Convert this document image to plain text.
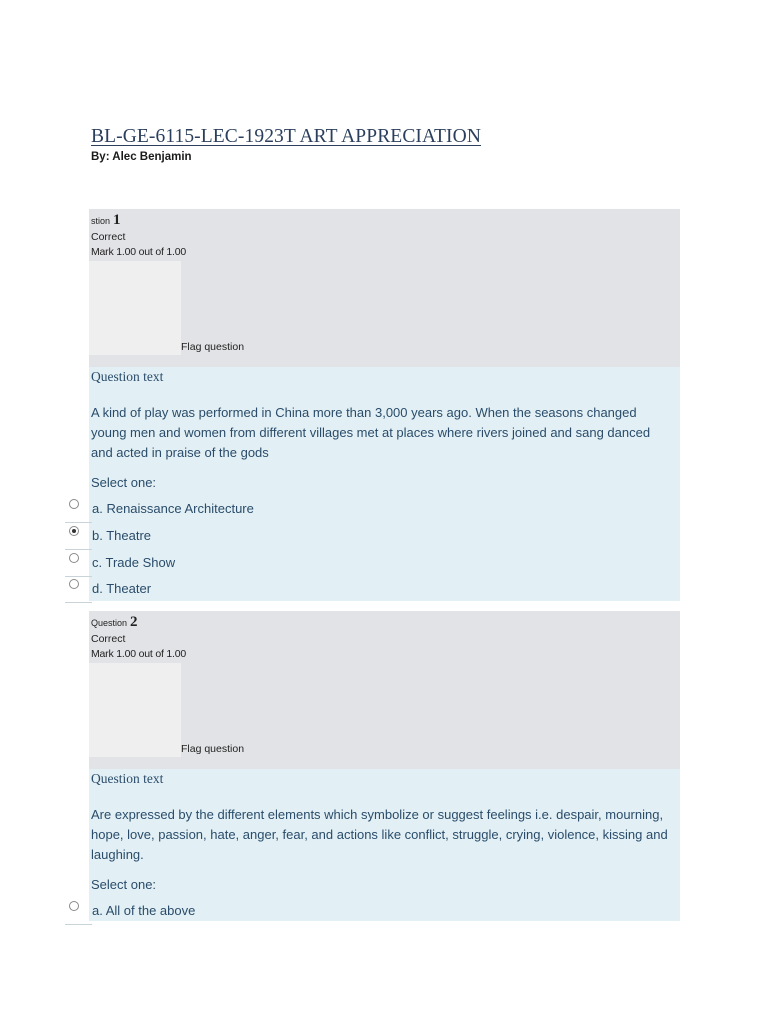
BL-GE-6115-LEC-1923T ART APPRECIATION
By: Alec Benjamin
stion 1
Correct
Mark 1.00 out of 1.00
Flag question
Question text

A kind of play was performed in China more than 3,000 years ago. When the seasons changed young men and women from different villages met at places where rivers joined and sang danced and acted in praise of the gods

Select one:
a. Renaissance Architecture
b. Theatre
c. Trade Show
d. Theater
Question 2
Correct
Mark 1.00 out of 1.00
Flag question
Question text

Are expressed by the different elements which symbolize or suggest feelings i.e. despair, mourning, hope, love, passion, hate, anger, fear, and actions like conflict, struggle, crying, violence, kissing and laughing.

Select one:
a. All of the above
